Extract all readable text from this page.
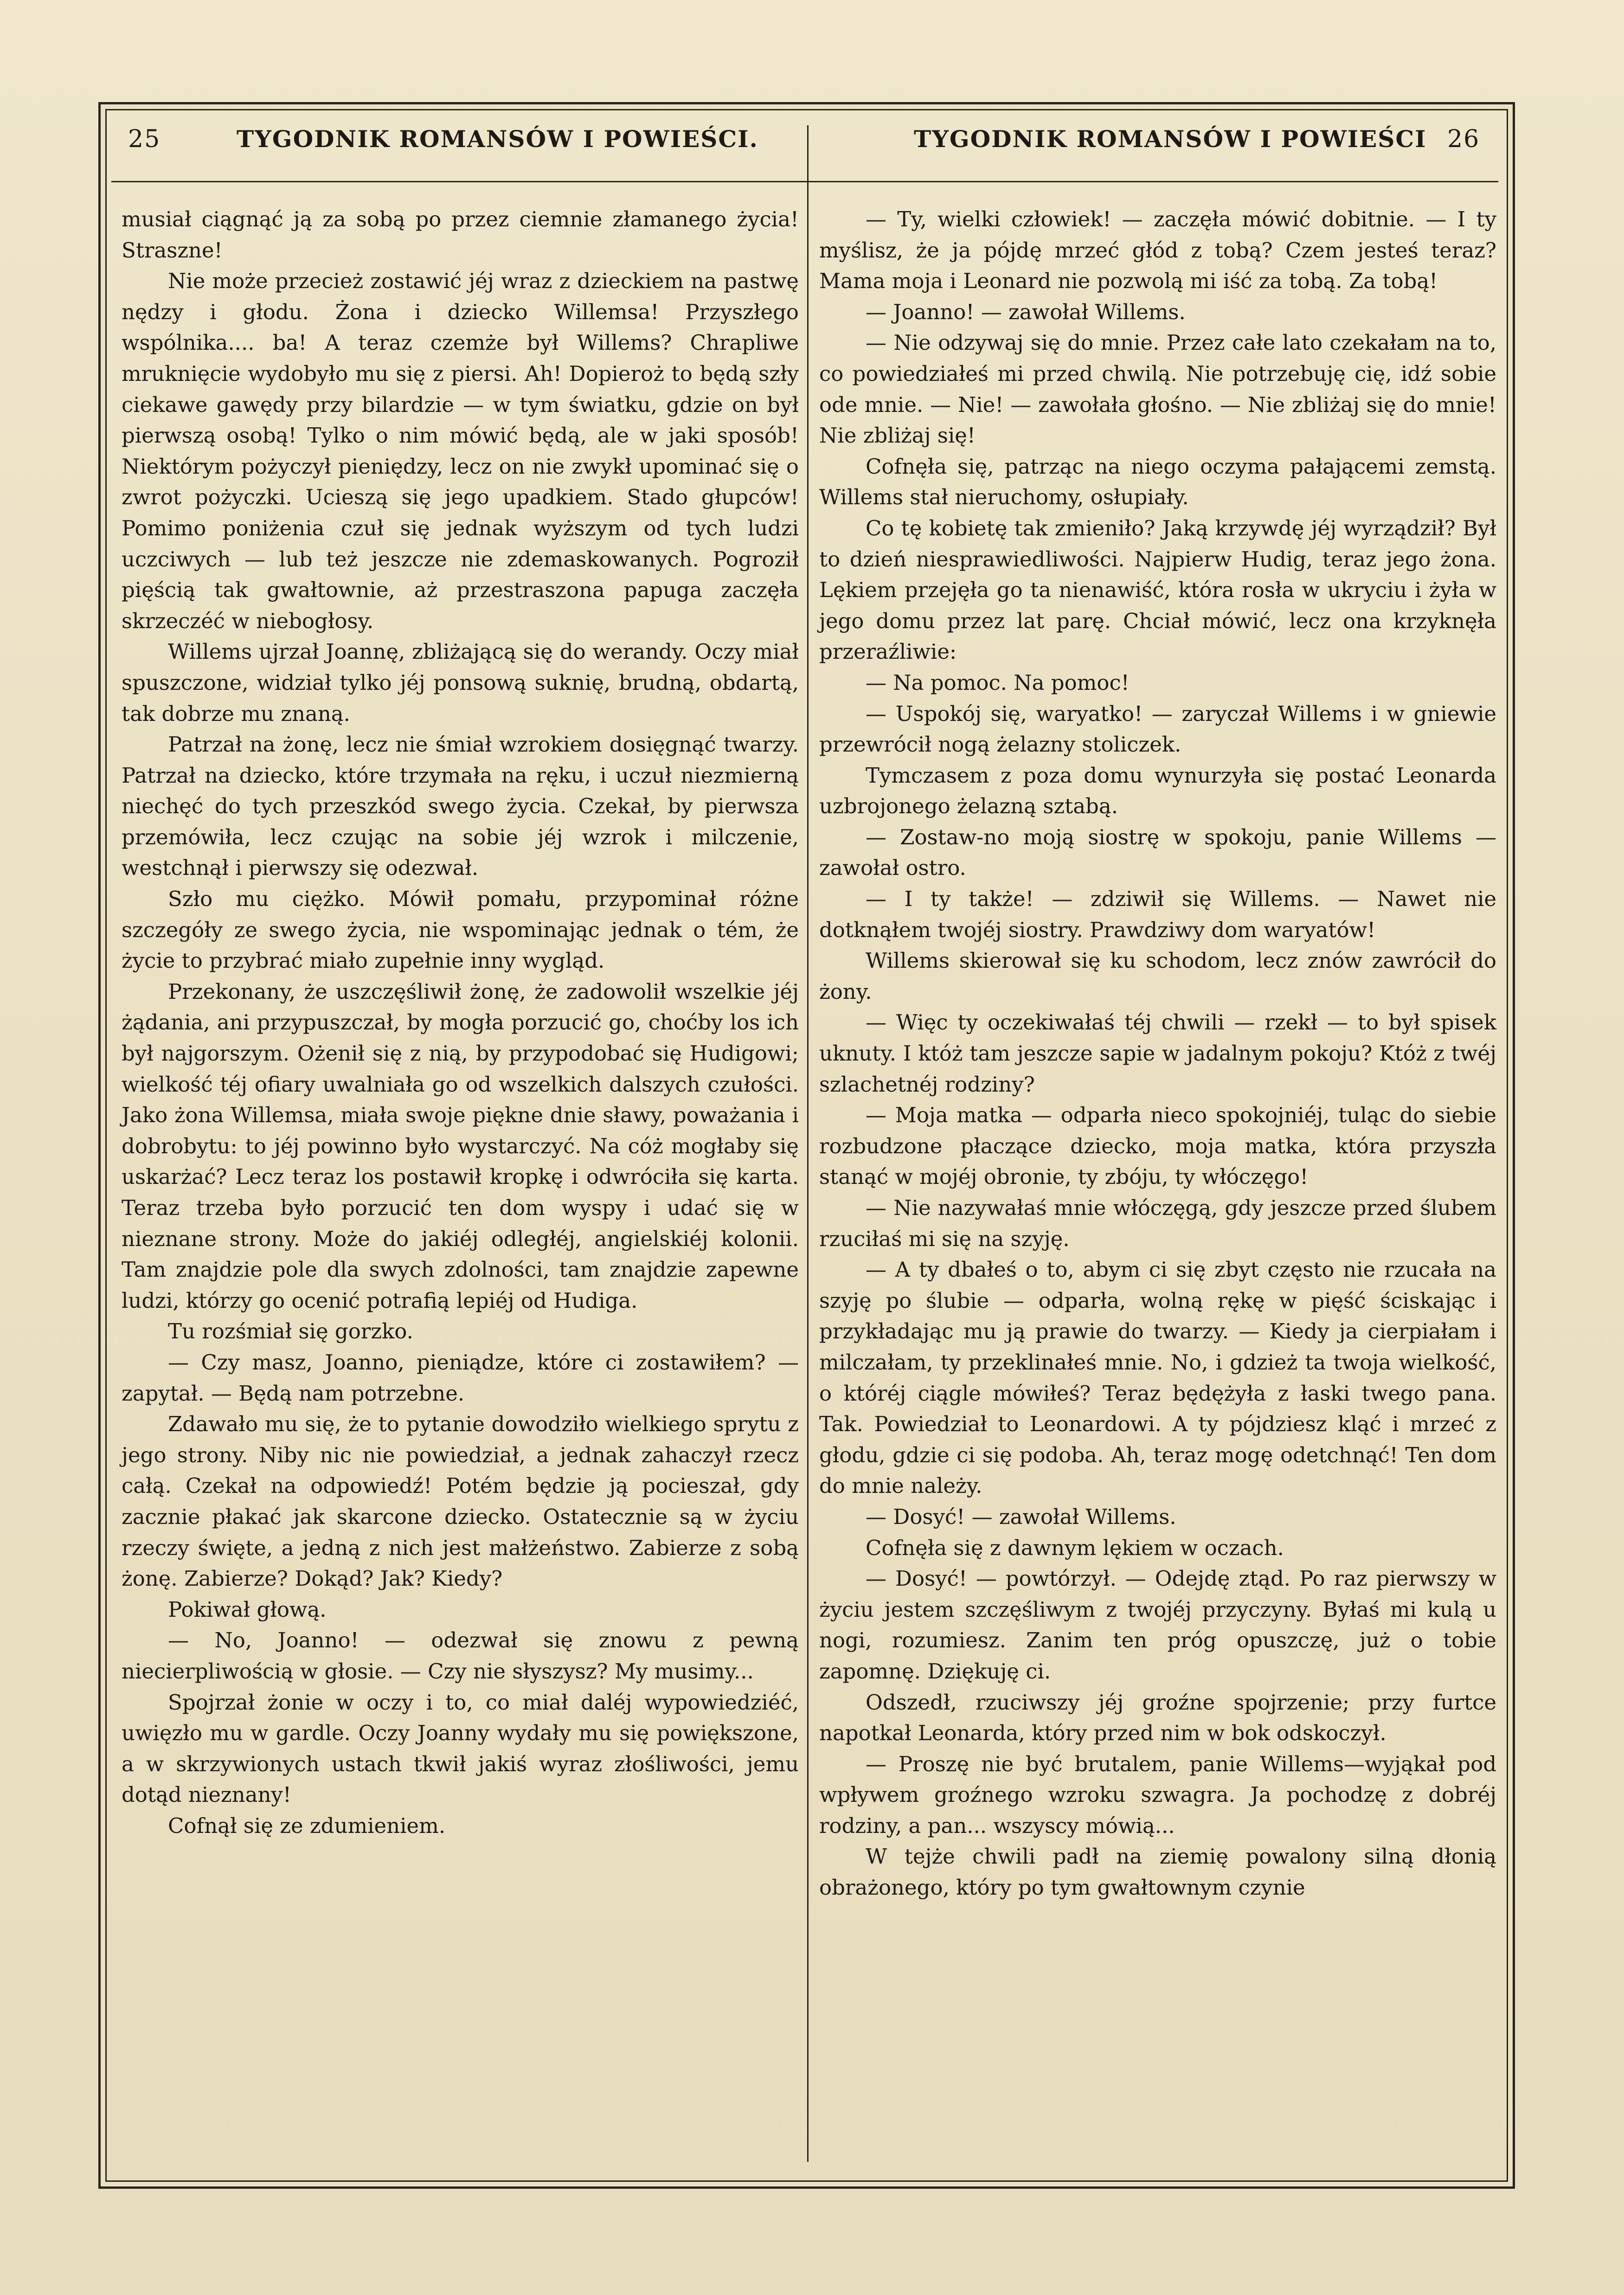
25	TYGODNIK ROMANSÓW I POWIEŚCI.	TYGODNIK ROMANSÓW I POWIEŚCI 26

musiał ciągnąć ją za sobą po przez ciemnie złamanego życia! Straszne!

Nie może przecież zostawić jéj wraz z dzieckiem na pastwę nędzy i głodu. Żona i dziecko Willemsa! Przyszłego wspólnika.... ba! A teraz czemże był Willems? Chrapliwe mruknięcie wydobyło mu się z piersi. Ah! Dopieroż to będą szły ciekawe gawędy przy bilardzie — w tym światku, gdzie on był pierwszą osobą! Tylko o nim mówić będą, ale w jaki sposób! Niektórym pożyczył pieniędzy, lecz on nie zwykł upominać się o zwrot pożyczki. Ucieszą się jego upadkiem. Stado głupców! Pomimo poniżenia czuł się jednak wyższym od tych ludzi uczciwych — lub też jeszcze nie zdemaskowanych. Pogroził pięścią tak gwałtownie, aż przestraszona papuga zaczęła skrzeczéć w niebogłosy.

Willems ujrzał Joannę, zbliżającą się do werandy. Oczy miał spuszczone, widział tylko jéj ponsową suknię, brudną, obdartą, tak dobrze mu znaną.

Patrzał na żonę, lecz nie śmiał wzrokiem dosięgnąć twarzy. Patrzał na dziecko, które trzymała na ręku, i uczuł niezmierną niechęć do tych przeszkód swego życia. Czekał, by pierwsza przemówiła, lecz czując na sobie jéj wzrok i milczenie, westchnął i pierwszy się odezwał.

Szło mu ciężko. Mówił pomału, przypominał różne szczegóły ze swego życia, nie wspominając jednak o tém, że życie to przybrać miało zupełnie inny wygląd.

Przekonany, że uszczęśliwił żonę, że zadowolił wszelkie jéj żądania, ani przypuszczał, by mogła porzucić go, choćby los ich był najgorszym. Ożenił się z nią, by przypodobać się Hudigowi; wielkość téj ofiary uwalniała go od wszelkich dalszych czułości. Jako żona Willemsa, miała swoje piękne dnie sławy, poważania i dobrobytu: to jéj powinno było wystarczyć. Na cóż mogłaby się uskarżać? Lecz teraz los postawił kropkę i odwróciła się karta. Teraz trzeba było porzucić ten dom wyspy i udać się w nieznane strony. Może do jakiéj odległéj, angielskiéj kolonii. Tam znajdzie pole dla swych zdolności, tam znajdzie zapewne ludzi, którzy go ocenić potrafią lepiéj od Hudiga.

Tu rozśmiał się gorzko.

— Czy masz, Joanno, pieniądze, które ci zostawiłem? — zapytał. — Będą nam potrzebne.

Zdawało mu się, że to pytanie dowodziło wielkiego sprytu z jego strony. Niby nic nie powiedział, a jednak zahaczył rzecz całą. Czekał na odpowiedź! Potém będzie ją pocieszał, gdy zacznie płakać jak skarcone dziecko. Ostatecznie są w życiu rzeczy święte, a jedną z nich jest małżeństwo. Zabierze z sobą żonę. Zabierze? Dokąd? Jak? Kiedy?

Pokiwał głową.

— No, Joanno! — odezwał się znowu z pewną niecierpliwością w głosie. — Czy nie słyszysz? My musimy...

Spojrzał żonie w oczy i to, co miał daléj wypowiedziéć, uwięzło mu w gardle. Oczy Joanny wydały mu się powiększone, a w skrzywionych ustach tkwił jakiś wyraz złośliwości, jemu dotąd nieznany!

Cofnął się ze zdumieniem.

— Ty, wielki człowiek! — zaczęła mówić dobitnie. — I ty myślisz, że ja pójdę mrzeć głód z tobą? Czem jesteś teraz? Mama moja i Leonard nie pozwolą mi iść za tobą. Za tobą!

— Joanno! — zawołał Willems.

— Nie odzywaj się do mnie. Przez całe lato czekałam na to, co powiedziałeś mi przed chwilą. Nie potrzebuję cię, idź sobie ode mnie. — Nie! — zawołała głośno. — Nie zbliżaj się do mnie! Nie zbliżaj się!

Cofnęła się, patrząc na niego oczyma pałającemi zemstą. Willems stał nieruchomy, osłupiały.

Co tę kobietę tak zmieniło? Jaką krzywdę jéj wyrządził? Był to dzień niesprawiedliwości. Najpierw Hudig, teraz jego żona. Lękiem przejęła go ta nienawiść, która rosła w ukryciu i żyła w jego domu przez lat parę. Chciał mówić, lecz ona krzyknęła przeraźliwie:

— Na pomoc. Na pomoc!

— Uspokój się, waryatko! — zaryczał Willems i w gniewie przewrócił nogą żelazny stoliczek.

Tymczasem z poza domu wynurzyła się postać Leonarda uzbrojonego żelazną sztabą.

— Zostaw-no moją siostrę w spokoju, panie Willems — zawołał ostro.

— I ty także! — zdziwił się Willems. — Nawet nie dotknąłem twojéj siostry. Prawdziwy dom waryatów!

Willems skierował się ku schodom, lecz znów zawrócił do żony.

— Więc ty oczekiwałaś téj chwili — rzekł — to był spisek uknuty. I któż tam jeszcze sapie w jadalnym pokoju? Któż z twéj szlachetnéj rodziny?

— Moja matka — odparła nieco spokojniéj, tuląc do siebie rozbudzone płaczące dziecko, moja matka, która przyszła stanąć w mojéj obronie, ty zbóju, ty włóczęgo!

— Nie nazywałaś mnie włóczęgą, gdy jeszcze przed ślubem rzuciłaś mi się na szyję.

— A ty dbałeś o to, abym ci się zbyt często nie rzucała na szyję po ślubie — odparła, wolną rękę w pięść ściskając i przykładając mu ją prawie do twarzy. — Kiedy ja cierpiałam i milczałam, ty przeklinałeś mnie. No, i gdzież ta twoja wielkość, o któréj ciągle mówiłeś? Teraz będężyła z łaski twego pana. Tak. Powiedział to Leonardowi. A ty pójdziesz kląć i mrzeć z głodu, gdzie ci się podoba. Ah, teraz mogę odetchnąć! Ten dom do mnie należy.

— Dosyć! — zawołał Willems.

Cofnęła się z dawnym lękiem w oczach.

— Dosyć! — powtórzył. — Odejdę ztąd. Po raz pierwszy w życiu jestem szczęśliwym z twojéj przyczyny. Byłaś mi kulą u nogi, rozumiesz. Zanim ten próg opuszczę, już o tobie zapomnę. Dziękuję ci.

Odszedł, rzuciwszy jéj groźne spojrzenie; przy furtce napotkał Leonarda, który przed nim w bok odskoczył.

— Proszę nie być brutalem, panie Willems—wyjąkał pod wpływem groźnego wzroku szwagra. Ja pochodzę z dobréj rodziny, a pan... wszyscy mówią...

W tejże chwili padł na ziemię powalony silną dłonią obrażonego, który po tym gwałtownym czynie
